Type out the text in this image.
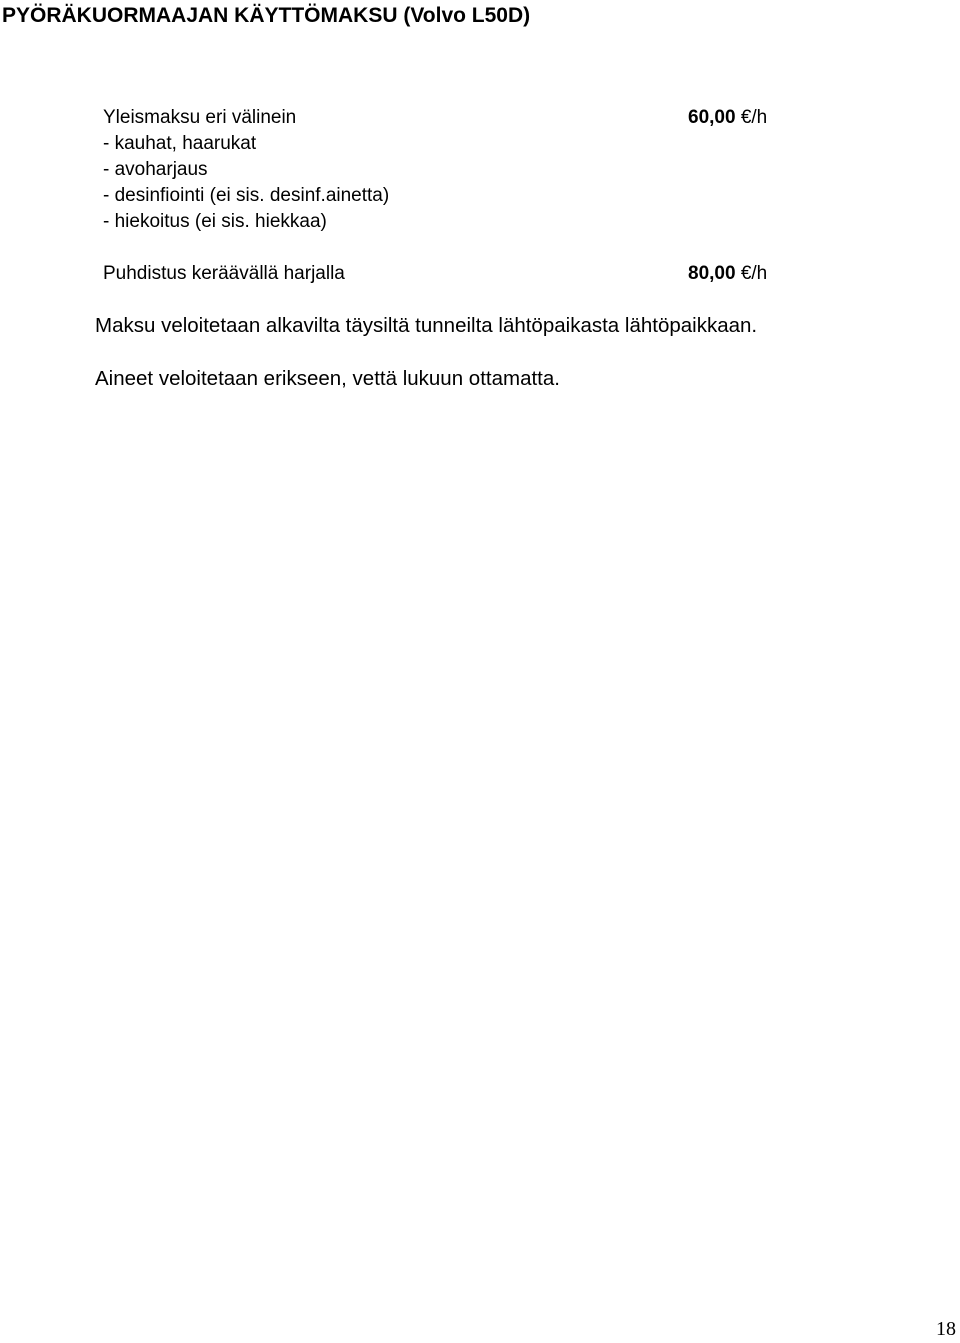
PYÖRÄKUORMAAJAN KÄYTTÖMAKSU (Volvo L50D)
Yleismaksu eri välinein	60,00 €/h
- kauhat, haarukat
- avoharjaus
- desinfiointi (ei sis. desinf.ainetta)
- hiekoitus (ei sis. hiekkaa)
Puhdistus keräävällä harjalla	80,00 €/h
Maksu veloitetaan alkavilta täysiltä tunneilta lähtöpaikasta lähtöpaikkaan.
Aineet veloitetaan erikseen, vettä lukuun ottamatta.
18
